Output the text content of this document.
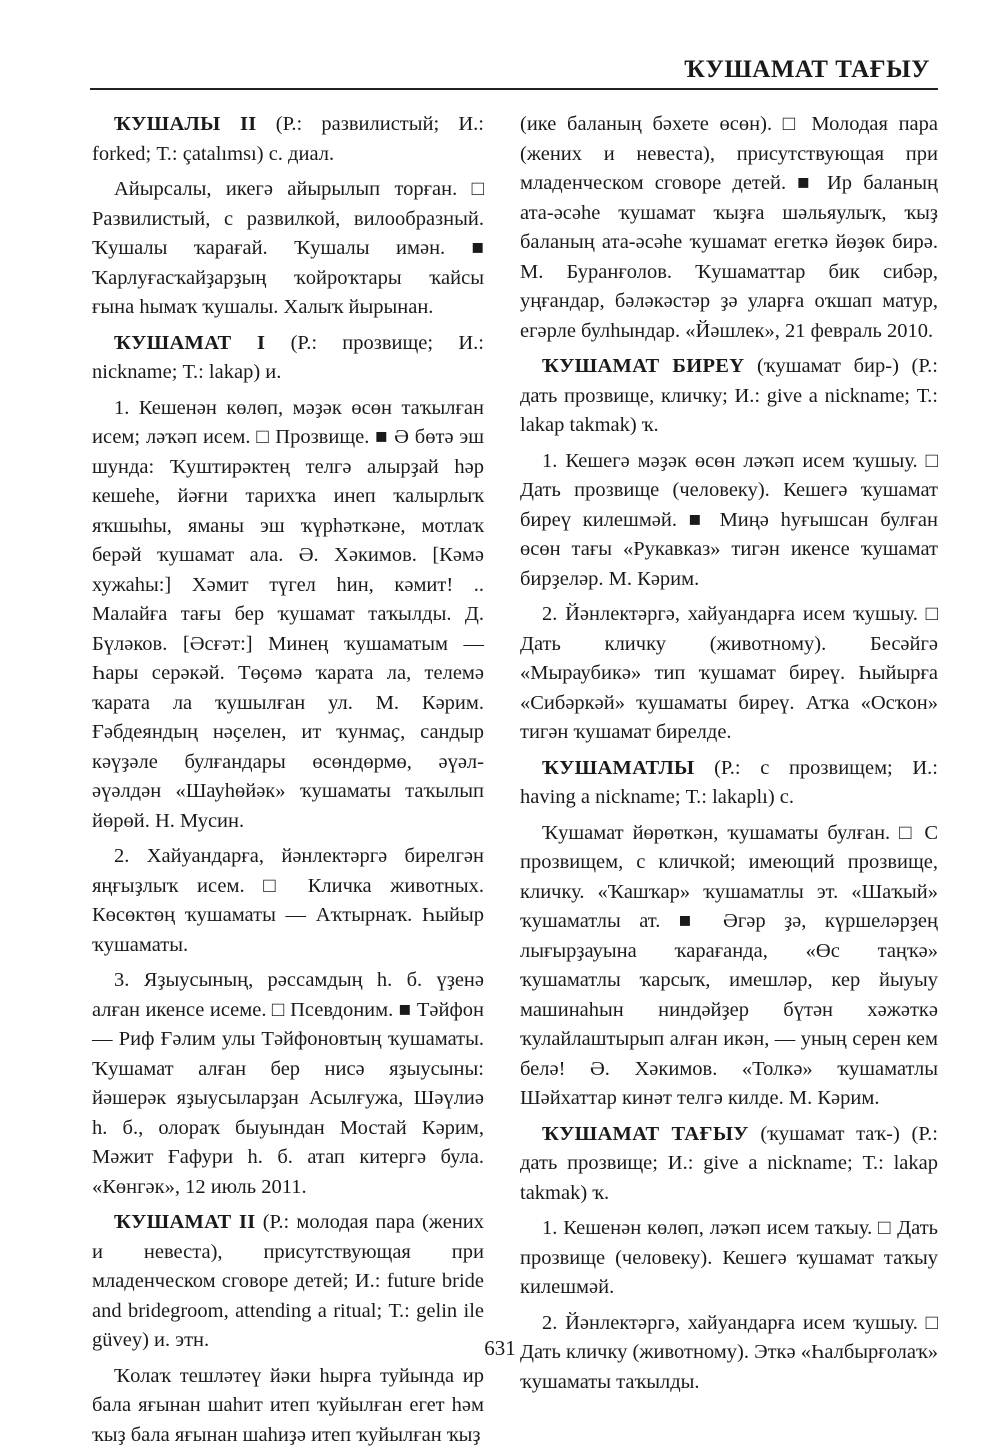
ҠУШАМАТ ТАҒЫУ

ҠУШАЛЫ II (Р.: развилистый; И.: forked; Т.: çatalımsı) с. диал.

Айырсалы, икегә айырылып торған. □ Развилистый, с развилкой, вилообразный. Ҡушалы ҡарағай. Ҡушалы имән. ■ Ҡарлуғасҡайҙарҙың ҡойроҡтары ҡайсы ғына һымаҡ ҡушалы. Халыҡ йырынан.

ҠУШАМАТ I (Р.: прозвище; И.: nickname; Т.: lakap) и.

1. Кешенән көлөп, мәҙәк өсөн таҡылған исем; ләҡәп исем. □ Прозвище. ■ Ә бөтә эш шунда: Ҡуштирәктең телгә алырҙай һәр кешеһе, йәғни тарихҡа инеп ҡалырлыҡ яҡшыһы, яманы эш ҡүрһәткәне, мотлаҡ берәй ҡушамат ала. Ә. Хәкимов. [Кәмә хужаһы:] Хәмит түгел һин, кәмит! .. Малайға тағы бер ҡушамат таҡылды. Д. Бүләков. [Әсғәт:] Минең ҡушаматым — Һары серәкәй. Төҫөмә ҡарата ла, телемә ҡарата ла ҡушылған ул. М. Кәрим. Ғәбдеяндың нәҫелен, ит ҡунмаҫ, сандыр кәүҙәле булғандары өсөндөрмө, әүәл-әүәлдән «Шауһөйәк» ҡушаматы таҡылып йөрөй. Н. Мусин.

2. Хайуандарға, йәнлектәргә бирелгән яңғыҙлыҡ исем. □ Кличка животных. Көсөктөң ҡушаматы — Аҡтырнаҡ. Һыйыр ҡушаматы.

3. Яҙыусының, рәссамдың һ. б. үҙенә алған икенсе исеме. □ Псевдоним. ■ Тәйфон — Риф Ғәлим улы Тәйфоновтың ҡушаматы. Ҡушамат алған бер нисә яҙыусыны: йәшерәк яҙыусыларҙан Асылғужа, Шәүлиә һ. б., олораҡ быуындан Мостай Кәрим, Мәжит Ғафури һ. б. атап китергә була. «Көнгәк», 12 июль 2011.

ҠУШАМАТ II (Р.: молодая пара (жених и невеста), присутствующая при младенческом сговоре детей; И.: future bride and bridegroom, attending a ritual; Т.: gelin ile güvey) и. этн.

Ҡолаҡ тешләтеү йәки һырға туйында ир бала яғынан шаһит итеп ҡуйылған егет һәм ҡыҙ бала яғынан шаһиҙә итеп ҡуйылған ҡыҙ

(ике баланың бәхете өсөн). □ Молодая пара (жених и невеста), присутствующая при младенческом сговоре детей. ■ Ир баланың ата-әсәһе ҡушамат ҡыҙға шәльяулыҡ, ҡыҙ баланың ата-әсәһе ҡушамат егеткә йөҙөк бирә. М. Буранғолов. Ҡушаматтар бик сибәр, уңғандар, бәләкәстәр ҙә уларға оҡшап матур, егәрле булһындар. «Йәшлек», 21 февраль 2010.

ҠУШАМАТ БИРЕҮ (ҡушамат бир-) (Р.: дать прозвище, кличку; И.: give a nickname; Т.: lakap takmak) ҡ.

1. Кешегә мәҙәк өсөн ләҡәп исем ҡушыу. □ Дать прозвище (человеку). Кешегә ҡушамат биреү килешмәй. ■ Миңә һуғышсан булған өсөн тағы «Рукавказ» тигән икенсе ҡушамат бирҙеләр. М. Кәрим.

2. Йәнлектәргә, хайуандарға исем ҡушыу. □ Дать кличку (животному). Бесәйгә «Мыраубикә» тип ҡушамат биреү. Һыйырға «Сибәркәй» ҡушаматы биреү. Атҡа «Осҡон» тигән ҡушамат бирелде.

ҠУШАМАТЛЫ (Р.: с прозвищем; И.: having a nickname; Т.: lakaplı) с.

Ҡушамат йөрөткән, ҡушаматы булған. □ С прозвищем, с кличкой; имеющий прозвище, кличку. «Ҡашҡар» ҡушаматлы эт. «Шаҡый» ҡушаматлы ат. ■ Әгәр ҙә, күршеләрҙең лығырҙауына ҡарағанда, «Өс таңҡә» ҡушаматлы ҡарсыҡ, имешләр, кер йыуыу машинаһын ниндәйҙер бүтән хәжәткә ҡулайлаштырып алған икән, — уның серен кем белә! Ә. Хәкимов. «Толкә» ҡушаматлы Шәйхаттар кинәт телгә килде. М. Кәрим.

ҠУШАМАТ ТАҒЫУ (ҡушамат таҡ-) (Р.: дать прозвище; И.: give a nickname; Т.: lakap takmak) ҡ.

1. Кешенән көлөп, ләҡәп исем таҡыу. □ Дать прозвище (человеку). Кешегә ҡушамат таҡыу килешмәй.

2. Йәнлектәргә, хайуандарға исем ҡушыу. □ Дать кличку (животному). Эткә «Һалбырғолаҡ» ҡушаматы таҡылды.

631
